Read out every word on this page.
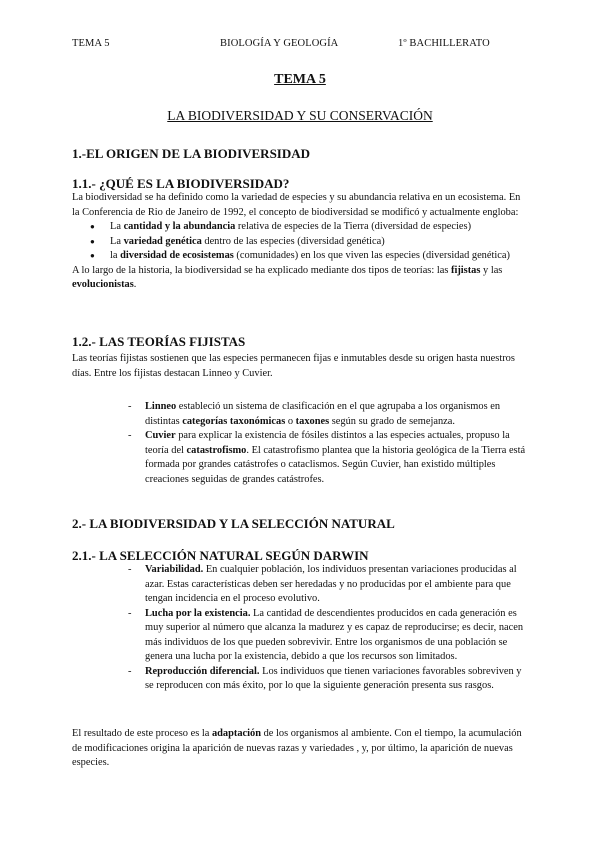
TEMA 5	BIOLOGÍA Y GEOLOGÍA	1º BACHILLERATO
TEMA 5
LA BIODIVERSIDAD Y SU CONSERVACIÓN
1.-EL ORIGEN DE LA BIODIVERSIDAD
1.1.- ¿QUÉ ES LA BIODIVERSIDAD?

La biodiversidad se ha definido como la variedad de especies y su abundancia relativa en un ecosistema. En la Conferencia de Rio de Janeiro de 1992, el concepto de biodiversidad se modificó y actualmente engloba:

● La cantidad y la abundancia relativa de especies de la Tierra (diversidad de especies)
● La variedad genética dentro de las especies (diversidad genética)
● la diversidad de ecosistemas (comunidades) en los que viven las especies (diversidad genética)

A lo largo de la historia, la biodiversidad se ha explicado mediante dos tipos de teorías: las fijistas y las evolucionistas.

1.2.- LAS TEORÍAS FIJISTAS
Las teorías fijistas sostienen que las especies permanecen fijas e inmutables desde su origen hasta nuestros días. Entre los fijistas destacan Linneo y Cuvier.
- Linneo estableció un sistema de clasificación en el que agrupaba a los organismos en distintas categorías taxonómicas o taxones según su grado de semejanza.
- Cuvier para explicar la existencia de fósiles distintos a las especies actuales, propuso la teoría del catastrofismo. El catastrofismo plantea que la historia geológica de la Tierra está formada por grandes catástrofes o cataclismos. Según Cuvier, han existido múltiples creaciones seguidas de grandes catástrofes.
2.- LA BIODIVERSIDAD Y LA SELECCIÓN NATURAL
2.1.- LA SELECCIÓN NATURAL SEGÚN DARWIN
- Variabilidad. En cualquier población, los individuos presentan variaciones producidas al azar. Estas características deben ser heredadas y no producidas por el ambiente para que tengan incidencia en el proceso evolutivo.
- Lucha por la existencia. La cantidad de descendientes producidos en cada generación es muy superior al número que alcanza la madurez y es capaz de reproducirse; es decir, nacen más individuos de los que pueden sobrevivir. Entre los organismos de una población se genera una lucha por la existencia, debido a que los recursos son limitados.
- Reproducción diferencial. Los individuos que tienen variaciones favorables sobreviven y se reproducen con más éxito, por lo que la siguiente generación presenta sus rasgos.
El resultado de este proceso es la adaptación de los organismos al ambiente. Con el tiempo, la acumulación de modificaciones origina la aparición de nuevas razas y variedades , y, por último, la aparición de nuevas especies.
